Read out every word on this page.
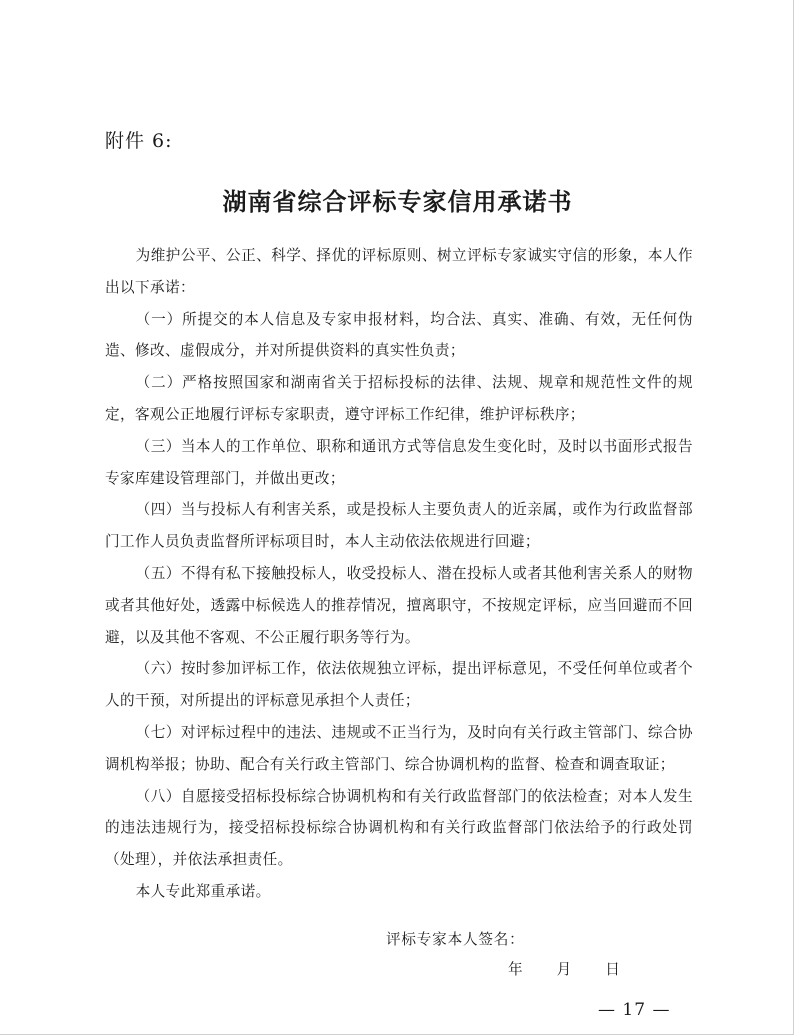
附件 6:
湖南省综合评标专家信用承诺书

为维护公平、公正、科学、择优的评标原则、树立评标专家诚实守信的形象，本人作出以下承诺：

（一）所提交的本人信息及专家申报材料，均合法、真实、准确、有效，无任何伪造、修改、虚假成分，并对所提供资料的真实性负责；

（二）严格按照国家和湖南省关于招标投标的法律、法规、规章和规范性文件的规定，客观公正地履行评标专家职责，遵守评标工作纪律，维护评标秩序；

（三）当本人的工作单位、职称和通讯方式等信息发生变化时，及时以书面形式报告专家库建设管理部门，并做出更改；

（四）当与投标人有利害关系，或是投标人主要负责人的近亲属，或作为行政监督部门工作人员负责监督所评标项目时，本人主动依法依规进行回避；

（五）不得有私下接触投标人，收受投标人、潜在投标人或者其他利害关系人的财物或者其他好处，透露中标候选人的推荐情况，擅离职守，不按规定评标，应当回避而不回避，以及其他不客观、不公正履行职务等行为。

（六）按时参加评标工作，依法依规独立评标，提出评标意见，不受任何单位或者个人的干预，对所提出的评标意见承担个人责任；

（七）对评标过程中的违法、违规或不正当行为，及时向有关行政主管部门、综合协调机构举报；协助、配合有关行政主管部门、综合协调机构的监督、检查和调查取证；

（八）自愿接受招标投标综合协调机构和有关行政监督部门的依法检查；对本人发生的违法违规行为，接受招标投标综合协调机构和有关行政监督部门依法给予的行政处罚（处理），并依法承担责任。

本人专此郑重承诺。

评标专家本人签名：
年 月 日
— 17 —
